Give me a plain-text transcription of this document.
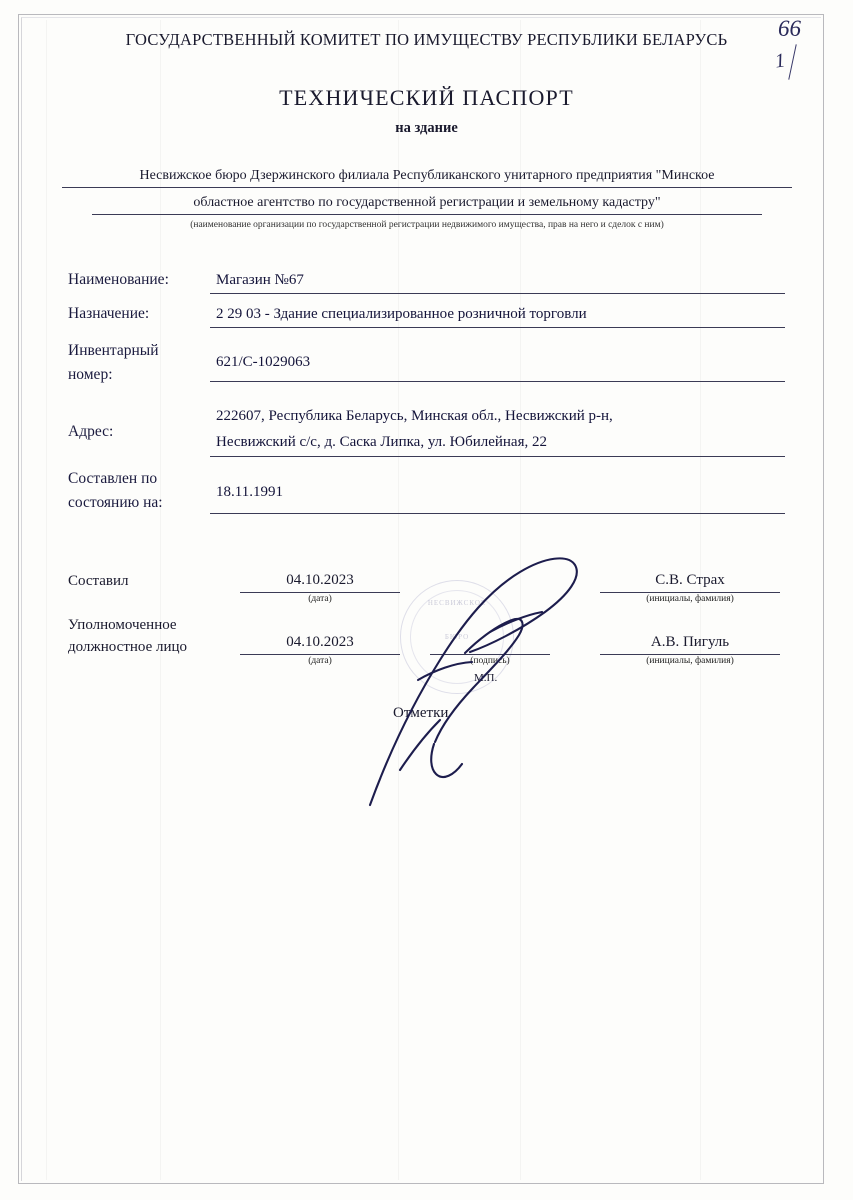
ГОСУДАРСТВЕННЫЙ КОМИТЕТ ПО ИМУЩЕСТВУ РЕСПУБЛИКИ БЕЛАРУСЬ	66
1
ТЕХНИЧЕСКИЙ ПАСПОРТ
на здание
Несвижское бюро Дзержинского филиала Республиканского унитарного предприятия "Минское
областное агентство по государственной регистрации и земельному кадастру"
(наименование организации по государственной регистрации недвижимого имущества, прав на него и сделок с ним)
Наименование:	Магазин №67
Назначение:	2 29 03 - Здание специализированное розничной торговли
Инвентарный
номер:
621/С-1029063
Адрес:
222607, Республика Беларусь, Минская обл., Несвижский р-н,
Несвижский с/с, д. Саска Липка, ул. Юбилейная, 22
Составлен по
состоянию на:
18.11.1991
Составил	04.10.2023
(дата)
С.В. Страх
(инициалы, фамилия)
Уполномоченное
должностное лицо	04.10.2023
(дата)	(подпись)
М.П.
А.В. Пигуль
(инициалы, фамилия)
Отметки
НЕСВИЖСКОЕ
БЮРО
